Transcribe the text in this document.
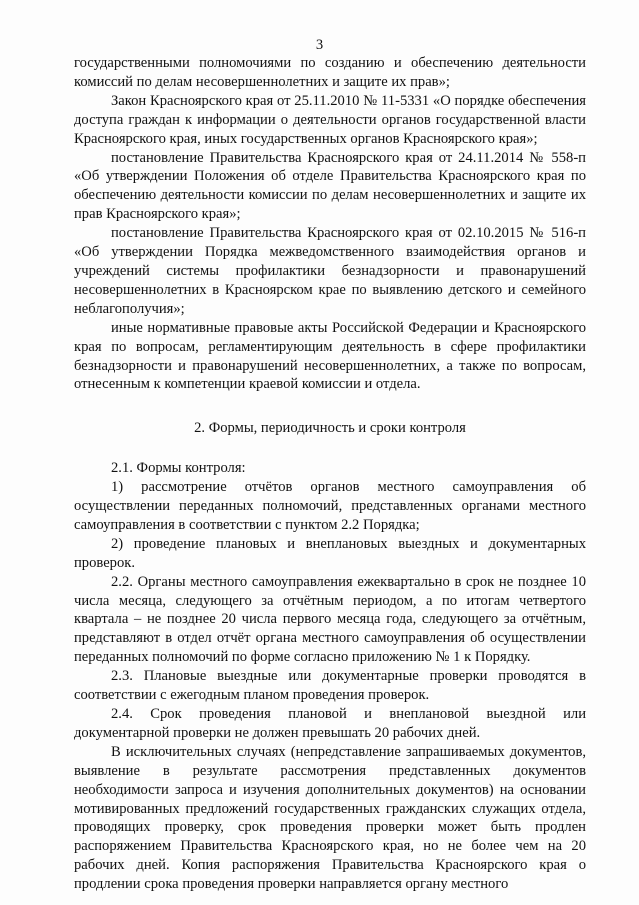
3

государственными полномочиями по созданию и обеспечению деятельности комиссий по делам несовершеннолетних и защите их прав»;

Закон Красноярского края от 25.11.2010 № 11-5331 «О порядке обеспечения доступа граждан к информации о деятельности органов государственной власти Красноярского края, иных государственных органов Красноярского края»;

постановление Правительства Красноярского края от 24.11.2014 № 558-п «Об утверждении Положения об отделе Правительства Красноярского края по обеспечению деятельности комиссии по делам несовершеннолетних и защите их прав Красноярского края»;

постановление Правительства Красноярского края от 02.10.2015 № 516-п «Об утверждении Порядка межведомственного взаимодействия органов и учреждений системы профилактики безнадзорности и правонарушений несовершеннолетних в Красноярском крае по выявлению детского и семейного неблагополучия»;

иные нормативные правовые акты Российской Федерации и Красноярского края по вопросам, регламентирующим деятельность в сфере профилактики безнадзорности и правонарушений несовершеннолетних, а также по вопросам, отнесенным к компетенции краевой комиссии и отдела.

2. Формы, периодичность и сроки контроля

2.1. Формы контроля:

1) рассмотрение отчётов органов местного самоуправления об осуществлении переданных полномочий, представленных органами местного самоуправления в соответствии с пунктом 2.2 Порядка;

2) проведение плановых и внеплановых выездных и документарных проверок.

2.2. Органы местного самоуправления ежеквартально в срок не позднее 10 числа месяца, следующего за отчётным периодом, а по итогам четвертого квартала – не позднее 20 числа первого месяца года, следующего за отчётным, представляют в отдел отчёт органа местного самоуправления об осуществлении переданных полномочий по форме согласно приложению № 1 к Порядку.

2.3. Плановые выездные или документарные проверки проводятся в соответствии с ежегодным планом проведения проверок.

2.4. Срок проведения плановой и внеплановой выездной или документарной проверки не должен превышать 20 рабочих дней.

В исключительных случаях (непредставление запрашиваемых документов, выявление в результате рассмотрения представленных документов необходимости запроса и изучения дополнительных документов) на основании мотивированных предложений государственных гражданских служащих отдела, проводящих проверку, срок проведения проверки может быть продлен распоряжением Правительства Красноярского края, но не более чем на 20 рабочих дней. Копия распоряжения Правительства Красноярского края о продлении срока проведения проверки направляется органу местного
